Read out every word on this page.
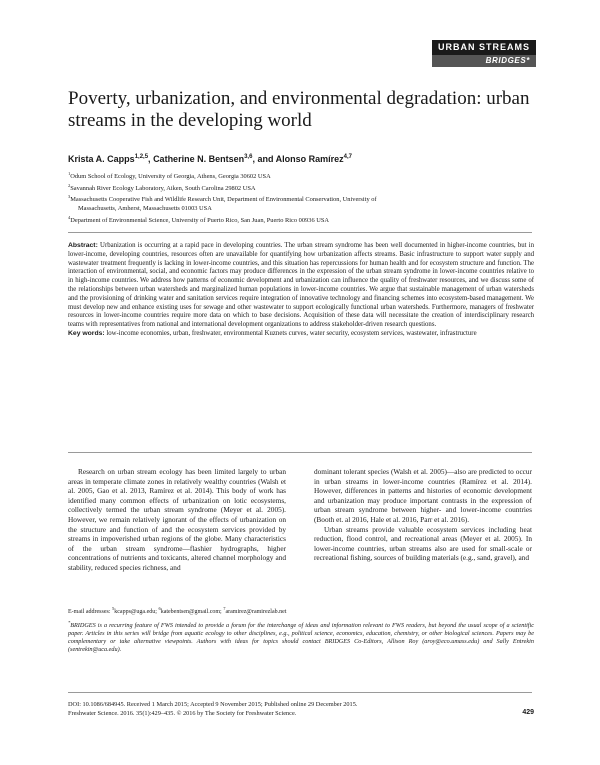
URBAN STREAMS
BRIDGES*
Poverty, urbanization, and environmental degradation: urban streams in the developing world
Krista A. Capps$^{1,2,5}$, Catherine N. Bentsen$^{3,6}$, and Alonso Ramírez$^{4,7}$

$^1$Odum School of Ecology, University of Georgia, Athens, Georgia 30602 USA

$^2$Savannah River Ecology Laboratory, Aiken, South Carolina 29802 USA

$^3$Massachusetts Cooperative Fish and Wildlife Research Unit, Department of Environmental Conservation, University of

Massachusetts, Amherst, Massachusetts 01003 USA

$^4$Department of Environmental Science, University of Puerto Rico, San Juan, Puerto Rico 00936 USA

Abstract: Urbanization is occurring at a rapid pace in developing countries. The urban stream syndrome has been well documented in higher-income countries, but in lower-income, developing countries, resources often are unavailable for quantifying how urbanization affects streams. Basic infrastructure to support water supply and wastewater treatment frequently is lacking in lower-income countries, and this situation has repercussions for human health and for ecosystem structure and function. The interaction of environmental, social, and economic factors may produce differences in the expression of the urban stream syndrome in lower-income countries relative to in high-income countries. We address how patterns of economic development and urbanization can influence the quality of freshwater resources, and we discuss some of the relationships between urban watersheds and marginalized human populations in lower-income countries. We argue that sustainable management of urban watersheds and the provisioning of drinking water and sanitation services require integration of innovative technology and financing schemes into ecosystem-based management. We must develop new and enhance existing uses for sewage and other wastewater to support ecologically functional urban watersheds. Furthermore, managers of freshwater resources in lower-income countries require more data on which to base decisions. Acquisition of these data will necessitate the creation of interdisciplinary research teams with representatives from national and international development organizations to address stakeholder-driven research questions.

Key words: low-income economies, urban, freshwater, environmental Kuznets curves, water security, ecosystem services, wastewater, infrastructure

Research on urban stream ecology has been limited largely to urban areas in temperate climate zones in relatively wealthy countries (Walsh et al. 2005, Gao et al. 2013, Ramírez et al. 2014). This body of work has identified many common effects of urbanization on lotic ecosystems, collectively termed the urban stream syndrome (Meyer et al. 2005). However, we remain relatively ignorant of the effects of urbanization on the structure and function of and the ecosystem services provided by streams in impoverished urban regions of the globe. Many characteristics of the urban stream syndrome—flashier hydrographs, higher concentrations of nutrients and toxicants, altered channel morphology and stability, reduced species richness, and

dominant tolerant species (Walsh et al. 2005)—also are predicted to occur in urban streams in lower-income countries (Ramírez et al. 2014). However, differences in patterns and histories of economic development and urbanization may produce important contrasts in the expression of urban stream syndrome between higher- and lower-income countries (Booth et. al 2016, Hale et al. 2016, Parr et al. 2016).

Urban streams provide valuable ecosystem services including heat reduction, flood control, and recreational areas (Meyer et al. 2005). In lower-income countries, urban streams also are used for small-scale or recreational fishing, sources of building materials (e.g., sand, gravel), and

E-mail addresses: $^5$kcapps@uga.edu; $^6$katebentsen@gmail.com; $^7$aramirez@ramirezlab.net

*BRIDGES is a recurring feature of FWS intended to provide a forum for the interchange of ideas and information relevant to FWS readers, but beyond the usual scope of a scientific paper. Articles in this series will bridge from aquatic ecology to other disciplines, e.g., political science, economics, education, chemistry, or other biological sciences. Papers may be complementary or take alternative viewpoints. Authors with ideas for topics should contact BRIDGES Co-Editors, Allison Roy (aroy@eco.umass.edu) and Sally Entrekin (sentrekin@uca.edu).

DOI: 10.1086/684945. Received 1 March 2015; Accepted 9 November 2015; Published online 29 December 2015.
Freshwater Science. 2016. 35(1):429–435. © 2016 by The Society for Freshwater Science.	429
